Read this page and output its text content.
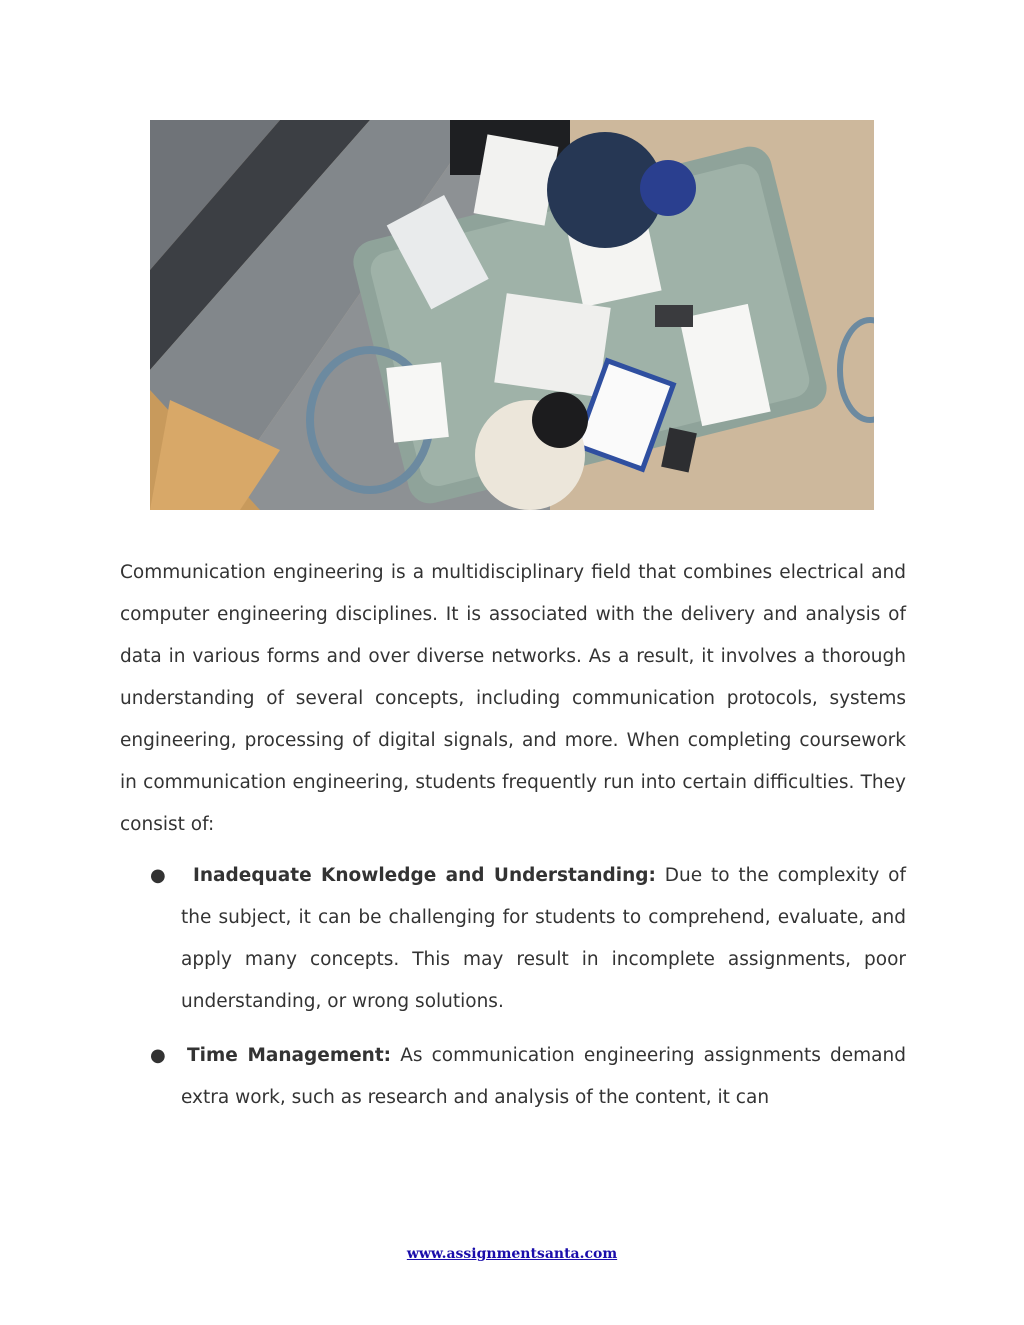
Communication engineering is a multidisciplinary field that combines electrical and computer engineering disciplines. It is associated with the delivery and analysis of data in various forms and over diverse networks. As a result, it involves a thorough understanding of several concepts, including communication protocols, systems engineering, processing of digital signals, and more. When completing coursework in communication engineering, students frequently run into certain difficulties. They consist of:

● Inadequate Knowledge and Understanding: Due to the complexity of the subject, it can be challenging for students to comprehend, evaluate, and apply many concepts. This may result in incomplete assignments, poor understanding, or wrong solutions.
● Time Management: As communication engineering assignments demand extra work, such as research and analysis of the content, it can
www.assignmentsanta.com
